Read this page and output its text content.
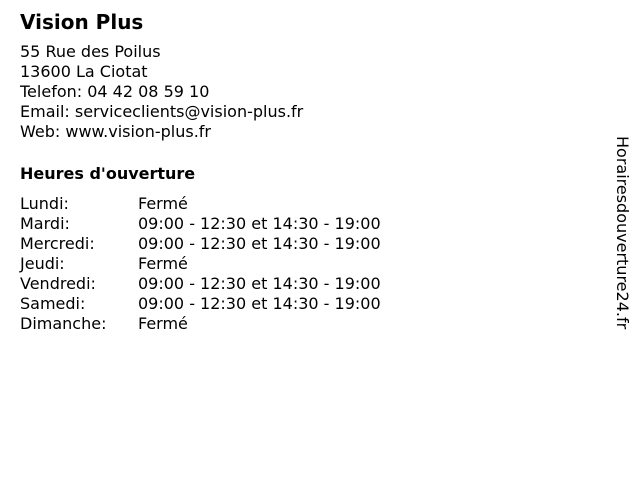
Vision Plus
55 Rue des Poilus
13600 La Ciotat
Telefon: 04 42 08 59 10
Email: serviceclients@vision-plus.fr
Web: www.vision-plus.fr
Heures d'ouverture
Lundi:	Fermé
Mardi:	09:00 - 12:30 et 14:30 - 19:00
Mercredi:	09:00 - 12:30 et 14:30 - 19:00
Jeudi:	Fermé
Vendredi:	09:00 - 12:30 et 14:30 - 19:00
Samedi:	09:00 - 12:30 et 14:30 - 19:00
Dimanche:	Fermé	Horairesdouverture24.fr
